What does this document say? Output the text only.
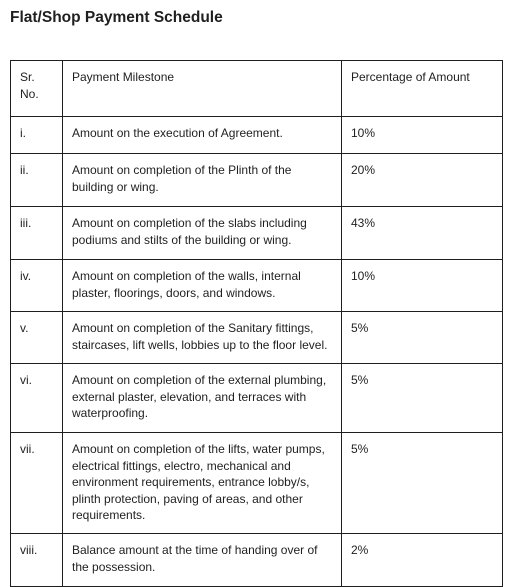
Flat/Shop Payment Schedule
Sr.
No.	Payment Milestone	Percentage of Amount
i.	Amount on the execution of Agreement.	10%
ii.	Amount on completion of the Plinth of the building or wing.	20%
iii.	Amount on completion of the slabs including podiums and stilts of the building or wing.	43%
iv.	Amount on completion of the walls, internal plaster, floorings, doors, and windows.	10%
v.	Amount on completion of the Sanitary fittings, staircases, lift wells, lobbies up to the floor level.	5%
vi.	Amount on completion of the external plumbing, external plaster, elevation, and terraces with waterproofing.	5%
vii.	Amount on completion of the lifts, water pumps, electrical fittings, electro, mechanical and environment requirements, entrance lobby/s, plinth protection, paving of areas, and other requirements.	5%
viii.	Balance amount at the time of handing over of the possession.	2%
